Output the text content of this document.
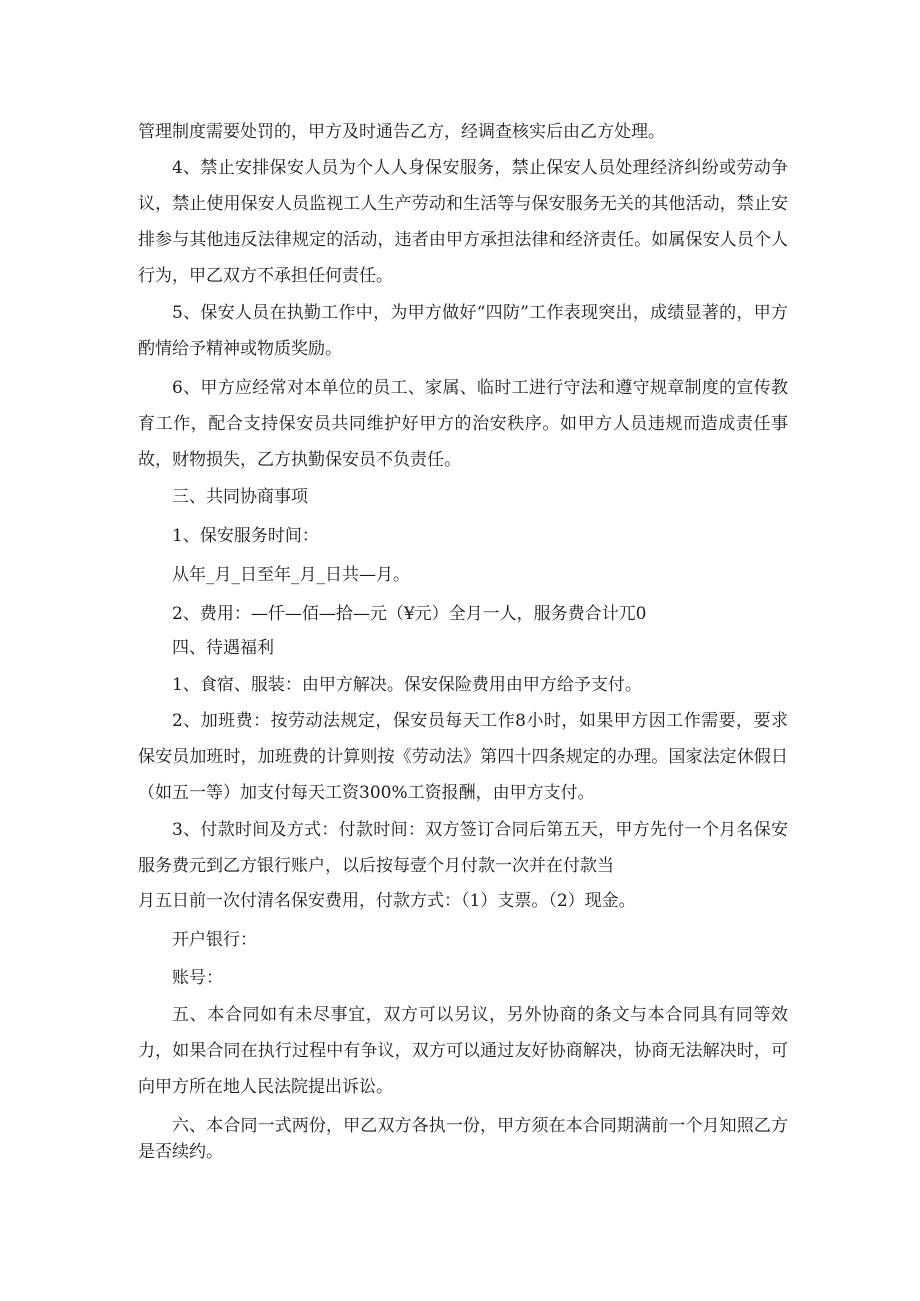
管理制度需要处罚的，甲方及时通告乙方，经调查核实后由乙方处理。

4、禁止安排保安人员为个人人身保安服务，禁止保安人员处理经济纠纷或劳动争议，禁止使用保安人员监视工人生产劳动和生活等与保安服务无关的其他活动，禁止安排参与其他违反法律规定的活动，违者由甲方承担法律和经济责任。如属保安人员个人行为，甲乙双方不承担任何责任。

5、保安人员在执勤工作中，为甲方做好“四防”工作表现突出，成绩显著的，甲方酌情给予精神或物质奖励。

6、甲方应经常对本单位的员工、家属、临时工进行守法和遵守规章制度的宣传教育工作，配合支持保安员共同维护好甲方的治安秩序。如甲方人员违规而造成责任事故，财物损失，乙方执勤保安员不负责任。

三、共同协商事项

1、保安服务时间：

从年_月_日至年_月_日共—月。

2、费用：—仟—佰—拾—元（¥元）全月一人，服务费合计兀0

四、待遇福利

1、食宿、服装：由甲方解决。保安保险费用由甲方给予支付。

2、加班费：按劳动法规定，保安员每天工作8小时，如果甲方因工作需要，要求保安员加班时，加班费的计算则按《劳动法》第四十四条规定的办理。国家法定休假日（如五一等）加支付每天工资300%工资报酬，由甲方支付。

3、付款时间及方式：付款时间：双方签订合同后第五天，甲方先付一个月名保安服务费元到乙方银行账户，以后按每壹个月付款一次并在付款当

月五日前一次付清名保安费用，付款方式：（1）支票。（2）现金。

开户银行：

账号：

五、本合同如有未尽事宜，双方可以另议，另外协商的条文与本合同具有同等效力，如果合同在执行过程中有争议，双方可以通过友好协商解决，协商无法解决时，可向甲方所在地人民法院提出诉讼。

六、本合同一式两份，甲乙双方各执一份，甲方须在本合同期满前一个月知照乙方是否续约。
